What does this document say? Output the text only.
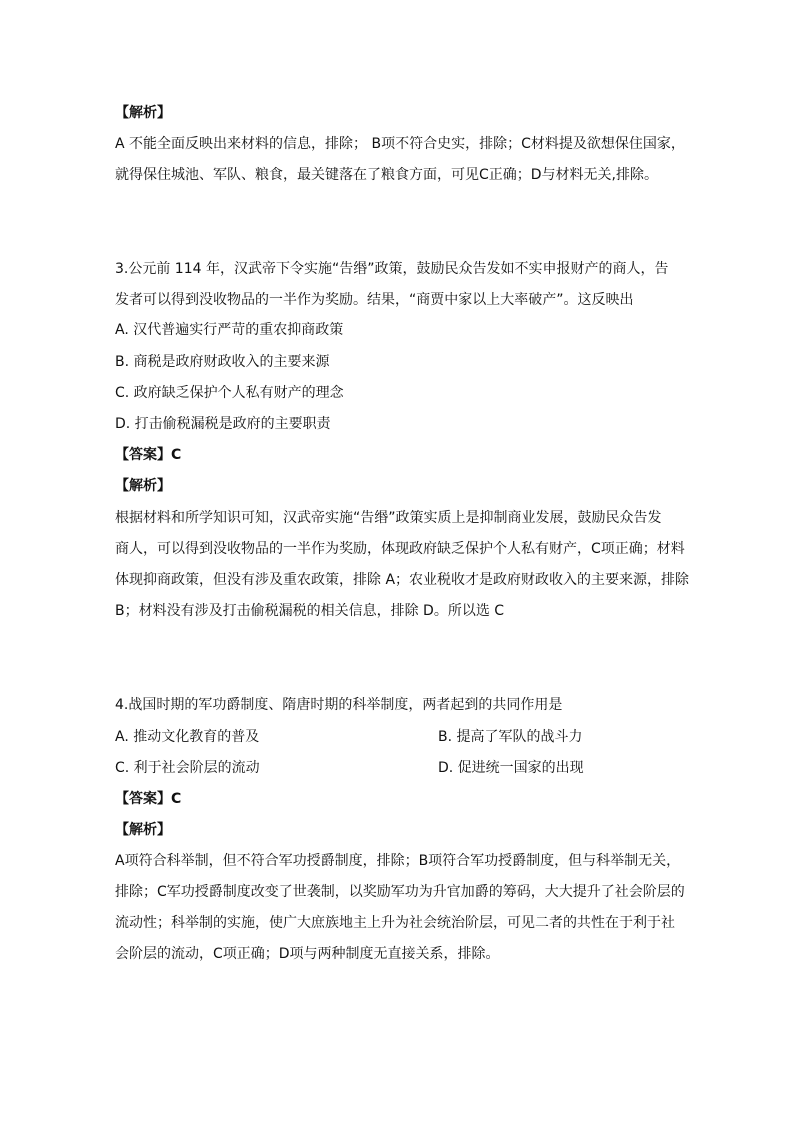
【解析】
A 不能全面反映出来材料的信息，排除； B项不符合史实，排除；C材料提及欲想保住国家，
就得保住城池、军队、粮食，最关键落在了粮食方面，可见C正确；D与材料无关,排除。
3.公元前 114 年，汉武帝下令实施“告缗”政策，鼓励民众告发如不实申报财产的商人，告
发者可以得到没收物品的一半作为奖励。结果，“商贾中家以上大率破产”。这反映出
A. 汉代普遍实行严苛的重农抑商政策
B. 商税是政府财政收入的主要来源
C. 政府缺乏保护个人私有财产的理念
D. 打击偷税漏税是政府的主要职责
【答案】C
【解析】
根据材料和所学知识可知，汉武帝实施“告缗”政策实质上是抑制商业发展，鼓励民众告发
商人，可以得到没收物品的一半作为奖励，体现政府缺乏保护个人私有财产，C项正确；材料
体现抑商政策，但没有涉及重农政策，排除 A；农业税收才是政府财政收入的主要来源，排除
B；材料没有涉及打击偷税漏税的相关信息，排除 D。所以选 C
4.战国时期的军功爵制度、隋唐时期的科举制度，两者起到的共同作用是
A. 推动文化教育的普及	B. 提高了军队的战斗力
C. 利于社会阶层的流动	D. 促进统一国家的出现
【答案】C
【解析】
A项符合科举制，但不符合军功授爵制度，排除；B项符合军功授爵制度，但与科举制无关，
排除；C军功授爵制度改变了世袭制，以奖励军功为升官加爵的筹码，大大提升了社会阶层的
流动性；科举制的实施，使广大庶族地主上升为社会统治阶层，可见二者的共性在于利于社
会阶层的流动，C项正确；D项与两种制度无直接关系，排除。
